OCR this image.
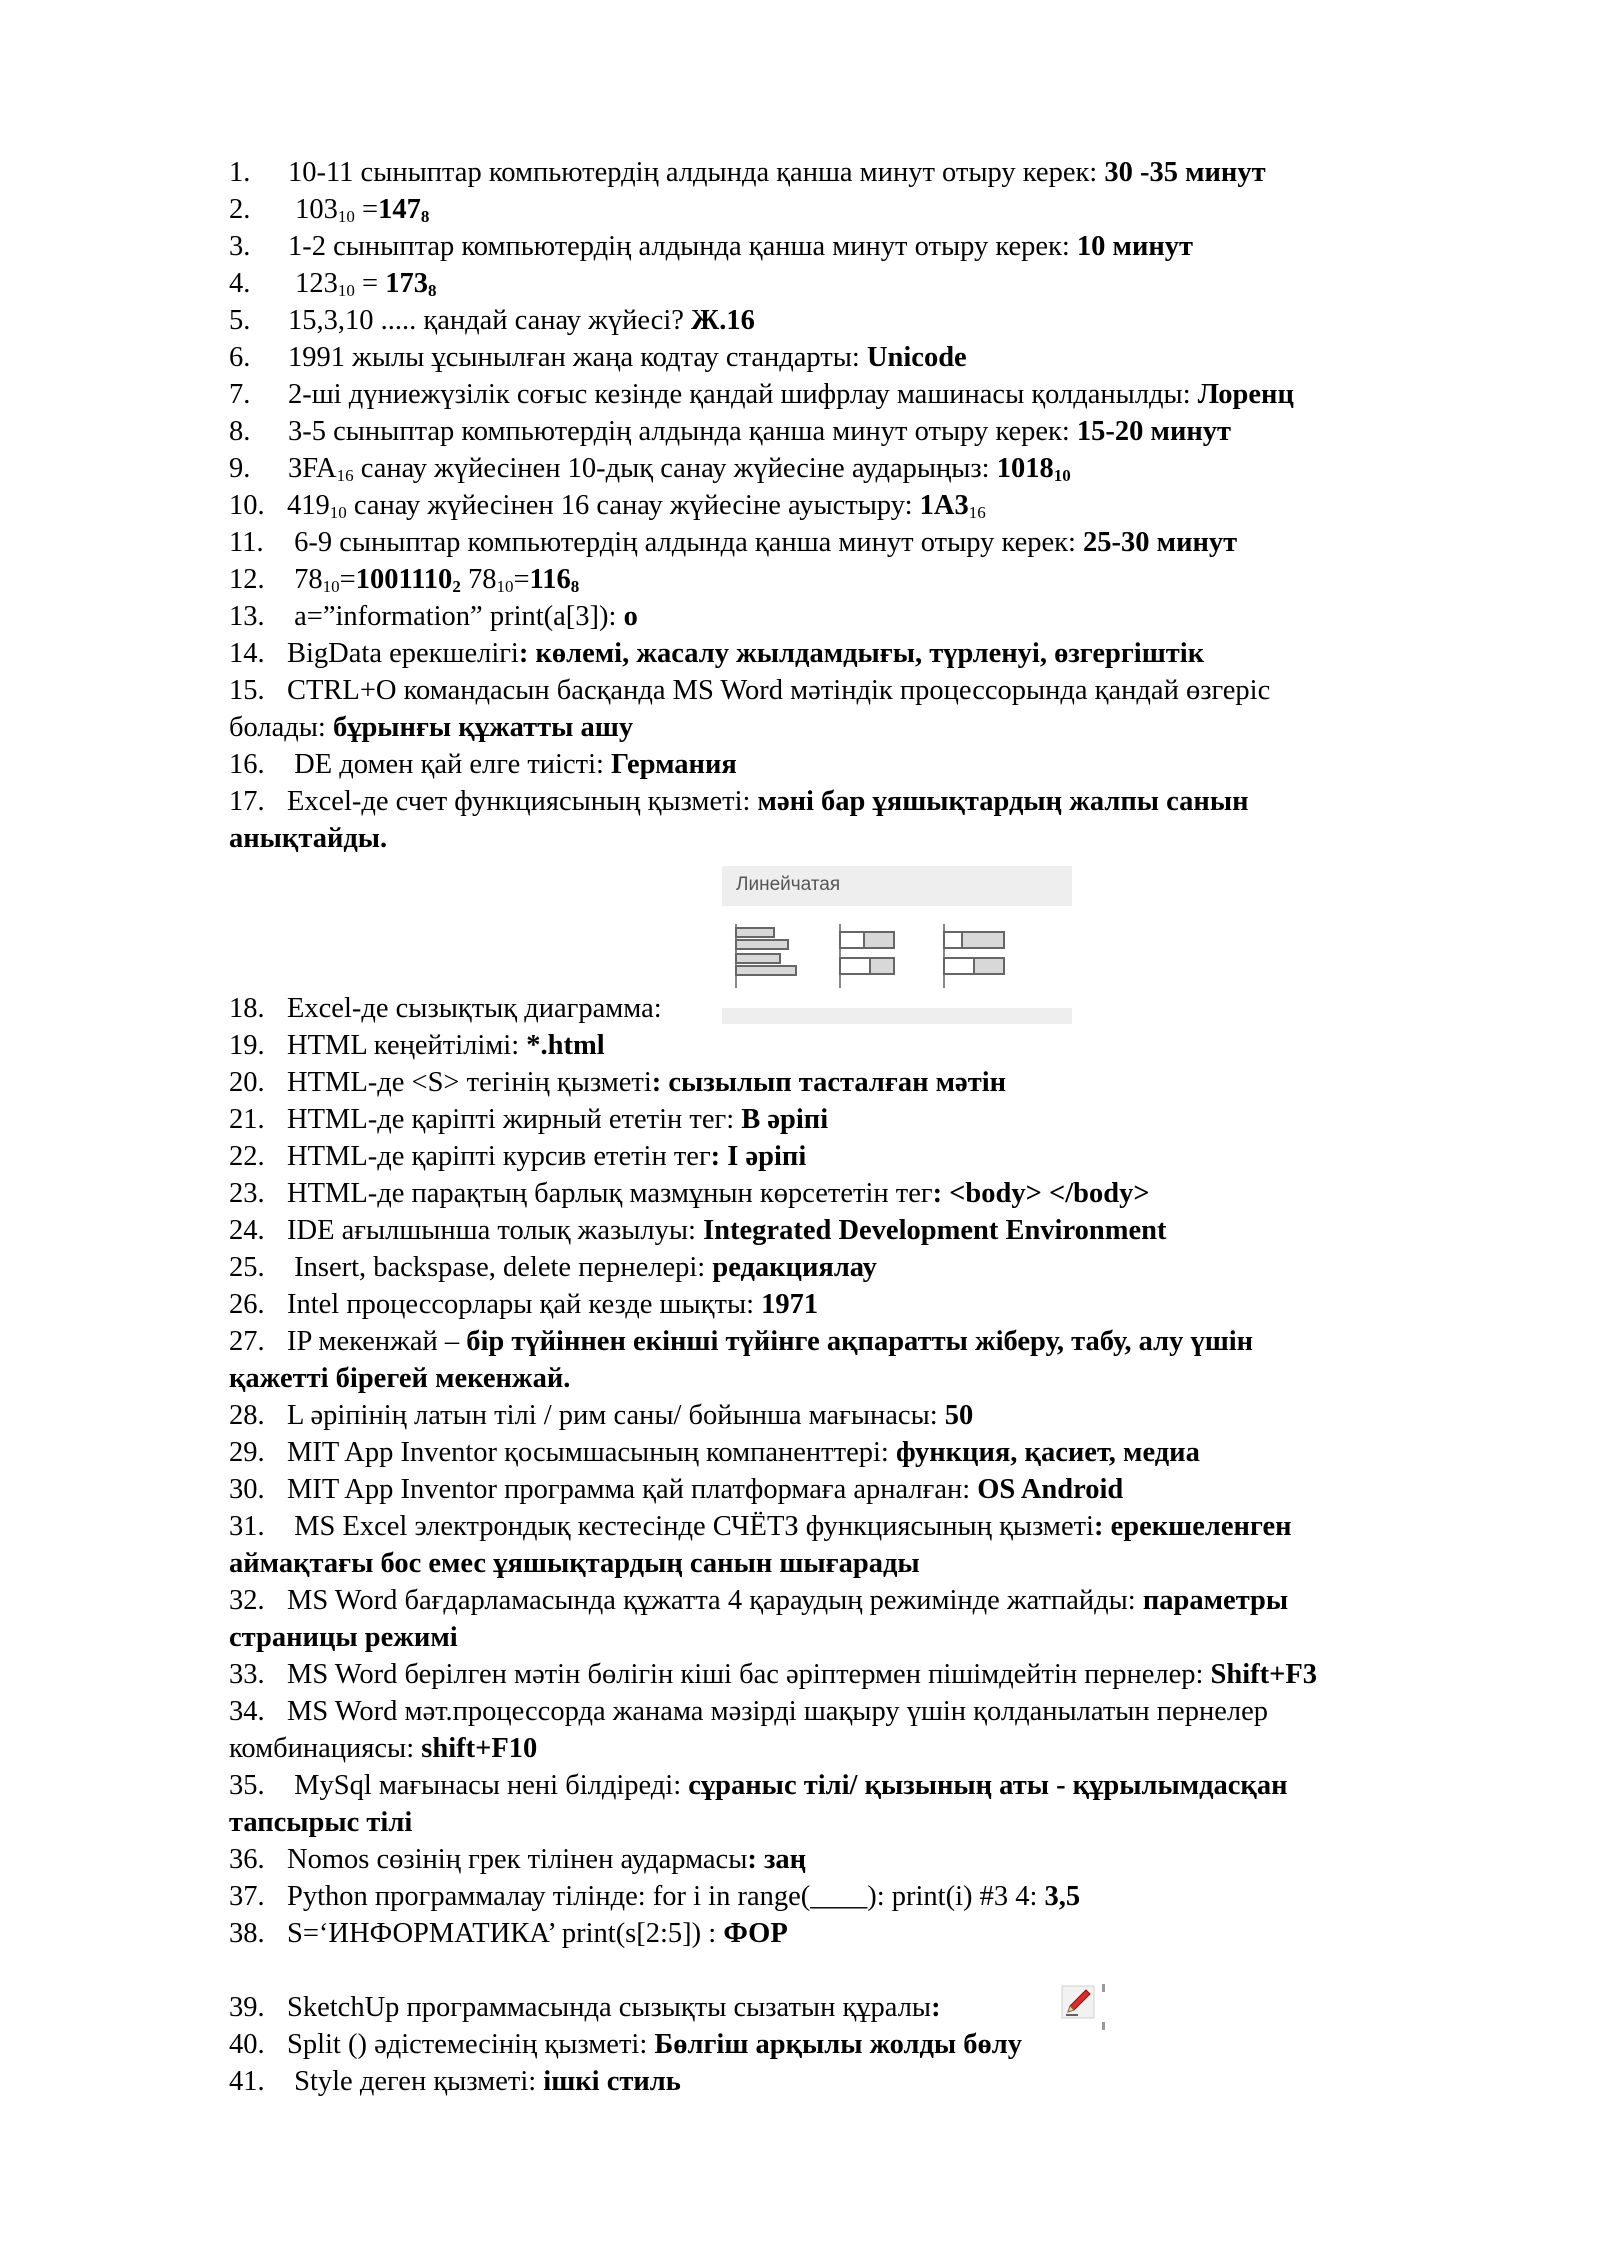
1. 10-11 сыныптар компьютердің алдында қанша минут отыру керек: 30 -35 минут
2. $103_{10} =147_8$
3. 1-2 сыныптар компьютердің алдында қанша минут отыру керек: 10 минут
4. $123_{10} = 173_8$
5. 15,3,10 ..... қандай санау жүйесі? Ж.16
6. 1991 жылы ұсынылған жаңа кодтау стандарты: Unicode
7. 2-ші дүниежүзілік соғыс кезінде қандай шифрлау машинасы қолданылды: Лоренц
8. 3-5 сыныптар компьютердің алдында қанша минут отыру керек: 15-20 минут
9. $3FA_{16}$ санау жүйесінен 10-дық санау жүйесіне аударыңыз: $1018_{10}$
10. $419_{10}$ санау жүйесінен 16 санау жүйесіне ауыстыру: $1A3_{16}$
11. 6-9 сыныптар компьютердің алдында қанша минут отыру керек: 25-30 минут
12. $78_{10}=1001110_2$ $78_{10}=116_8$
13. a=”information” print(a[3]): o
14. BigData ерекшелігі: көлемі, жасалу жылдамдығы, түрленуі, өзгергіштік
15. CTRL+O командасын басқанда MS Word мәтіндік процессорында қандай өзгеріс
болады: бұрынғы құжатты ашу
16. DE домен қай елге тиісті: Германия
17. Excel-де счет функциясының қызметі: мәні бар ұяшықтардың жалпы санын
анықтайды.
Линейчатая
18. Excel-де сызықтық диаграмма:
19. HTML кеңейтілімі: *.html
20. HTML-де <S> тегінің қызметі: сызылып тасталған мәтін
21. HTML-де қаріпті жирный ететін тег: B әріпі
22. HTML-де қаріпті курсив ететін тег: I әріпі
23. HTML-де парақтың барлық мазмұнын көрсететін тег: <body> </body>
24. IDE ағылшынша толық жазылуы: Integrated Development Environment
25. Insert, backspase, delete пернелері: редакциялау
26. Intel процессорлары қай кезде шықты: 1971
27. IP мекенжай – бір түйіннен екінші түйінге ақпаратты жіберу, табу, алу үшін
қажетті бірегей мекенжай.
28. L әріпінің латын тілі / рим саны/ бойынша мағынасы: 50
29. MIT App Inventor қосымшасының компаненттері: функция, қасиет, медиа
30. MIT App Inventor программа қай платформаға арналған: OS Android
31. MS Excel электрондық кестесінде СЧЁТЗ функциясының қызметі: ерекшеленген
аймақтағы бос емес ұяшықтардың санын шығарады
32. MS Word бағдарламасында құжатта 4 қараудың режимінде жатпайды: параметры
страницы режимі
33. MS Word берілген мәтін бөлігін кіші бас әріптермен пішімдейтін пернелер: Shift+F3
34. MS Word мәт.процессорда жанама мәзірді шақыру үшін қолданылатын пернелер
комбинациясы: shift+F10
35. MySql мағынасы нені білдіреді: сұраныс тілі/ қызының аты - құрылымдасқан
тапсырыс тілі
36. Nomos сөзінің грек тілінен аудармасы: заң
37. Python программалау тілінде: for i in range(____): print(i) #3 4: 3,5
38. S=‘ИНФОРМАТИКА’ print(s[2:5]) : ФОР
39. SketchUp программасында сызықты сызатын құралы:
40. Split () әдістемесінің қызметі: Бөлгіш арқылы жолды бөлу
41. Style деген қызметі: ішкі стиль
